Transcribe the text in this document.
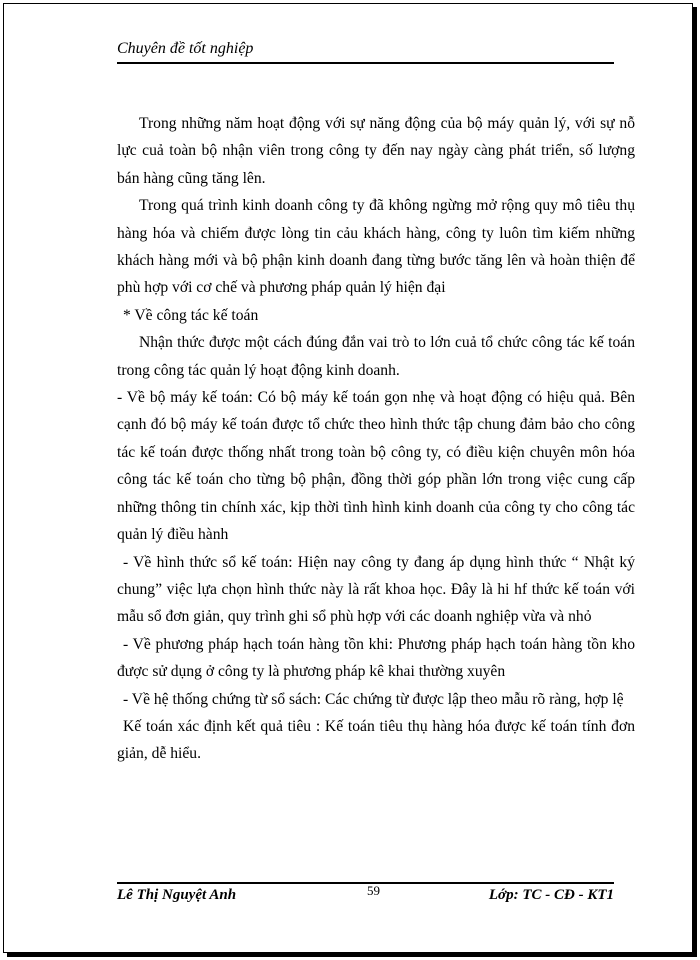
Chuyên đề tốt nghiệp

Trong những năm hoạt động với sự năng động của bộ máy quản lý, với sự nỗ lực cuả toàn bộ nhận viên trong công ty đến nay ngày càng phát triển, số lượng bán hàng cũng tăng lên.

Trong quá trình kinh doanh công ty đã không ngừng mở rộng quy mô tiêu thụ hàng hóa và chiếm được lòng tin cảu khách hàng, công ty luôn tìm kiếm những khách hàng mới và bộ phận kinh doanh đang từng bước tăng lên và hoàn thiện để phù hợp với cơ chế và phương pháp quản lý hiện đại

* Về công tác kế toán

Nhận thức được một cách đúng đắn vai trò to lớn cuả tổ chức công tác kế toán trong công tác quản lý hoạt động kinh doanh.

- Về bộ máy kế toán: Có bộ máy kế toán gọn nhẹ và hoạt động có hiệu quả. Bên cạnh đó bộ máy kế toán được tổ chức theo hình thức tập chung đảm bảo cho công tác kế toán được thống nhất trong toàn bộ công ty, có điều kiện chuyên môn hóa công tác kế toán cho từng bộ phận, đồng thời góp phần lớn trong việc cung cấp những thông tin chính xác, kịp thời tình hình kinh doanh của công ty cho công tác quản lý điều hành

- Về hình thức sổ kế toán: Hiện nay công ty đang áp dụng hình thức “ Nhật ký chung” việc lựa chọn hình thức này là rất khoa học. Đây là hi hf thức kế toán với mẫu sổ đơn giản, quy trình ghi sổ phù hợp với các doanh nghiệp vừa và nhỏ

- Về phương pháp hạch toán hàng tồn khi: Phương pháp hạch toán hàng tồn kho được sử dụng ở công ty là phương pháp kê khai thường xuyên

- Về hệ thống chứng từ sổ sách: Các chứng từ được lập theo mẫu rõ ràng, hợp lệ

Kế toán xác định kết quả tiêu : Kế toán tiêu thụ hàng hóa được kế toán tính đơn giản, dễ hiểu.

Lê Thị Nguyệt Anh	59	Lớp: TC - CĐ - KT1
